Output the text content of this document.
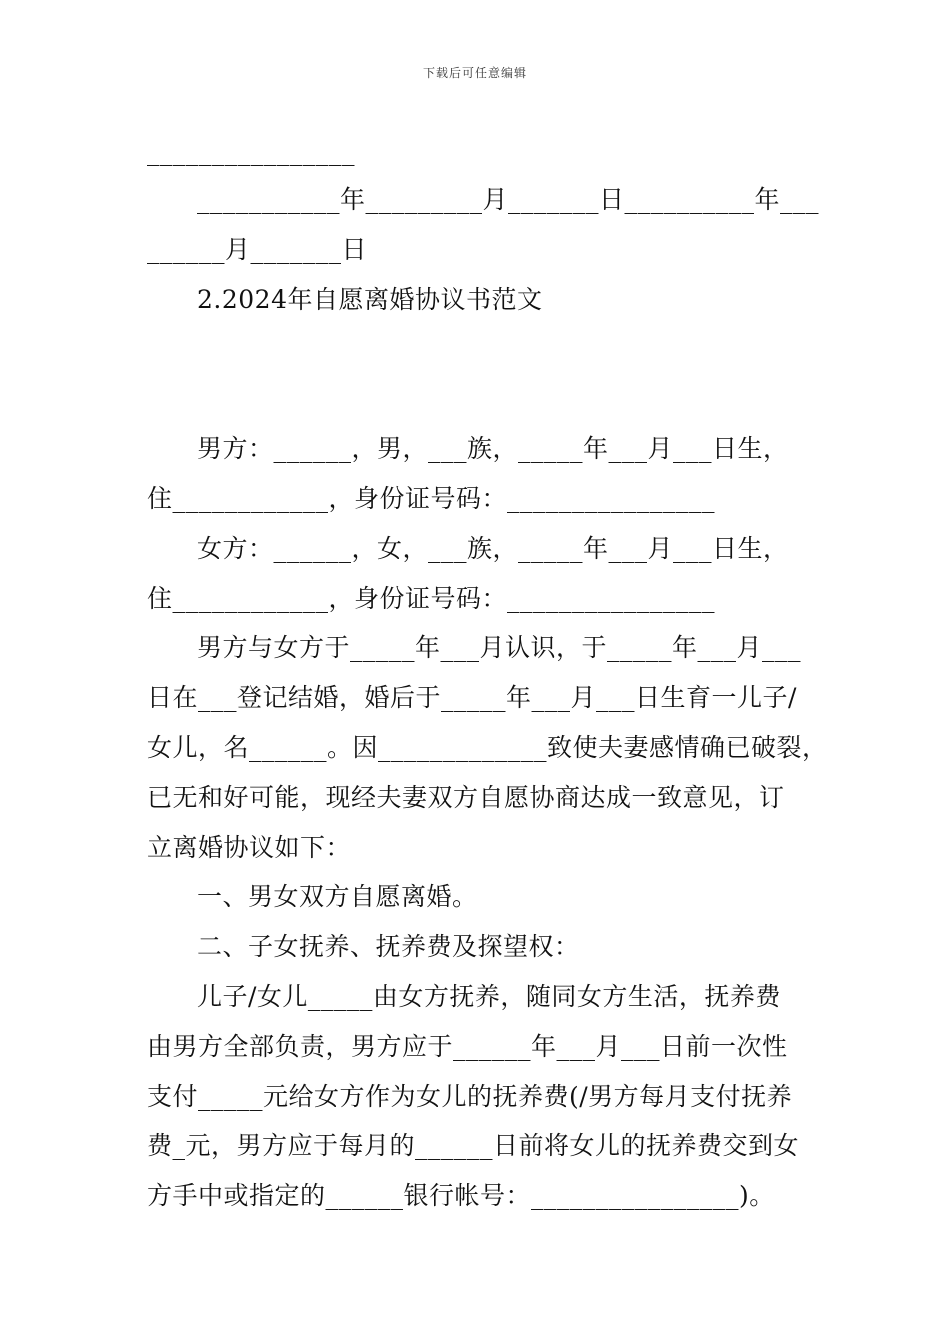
下载后可任意编辑
________________
___________年_________月_______日__________年___
______月_______日
2.2024年自愿离婚协议书范文
男方：______，男，___族，_____年___月___日生，
住____________，身份证号码：________________
女方：______，女，___族，_____年___月___日生，
住____________，身份证号码：________________
男方与女方于_____年___月认识，于_____年___月___
日在___登记结婚，婚后于_____年___月___日生育一儿子/
女儿，名______。因_____________致使夫妻感情确已破裂，
已无和好可能，现经夫妻双方自愿协商达成一致意见，订
立离婚协议如下：
一、男女双方自愿离婚。
二、子女抚养、抚养费及探望权：
儿子/女儿_____由女方抚养，随同女方生活，抚养费
由男方全部负责，男方应于______年___月___日前一次性
支付_____元给女方作为女儿的抚养费(/男方每月支付抚养
费_元，男方应于每月的______日前将女儿的抚养费交到女
方手中或指定的______银行帐号：________________)。
